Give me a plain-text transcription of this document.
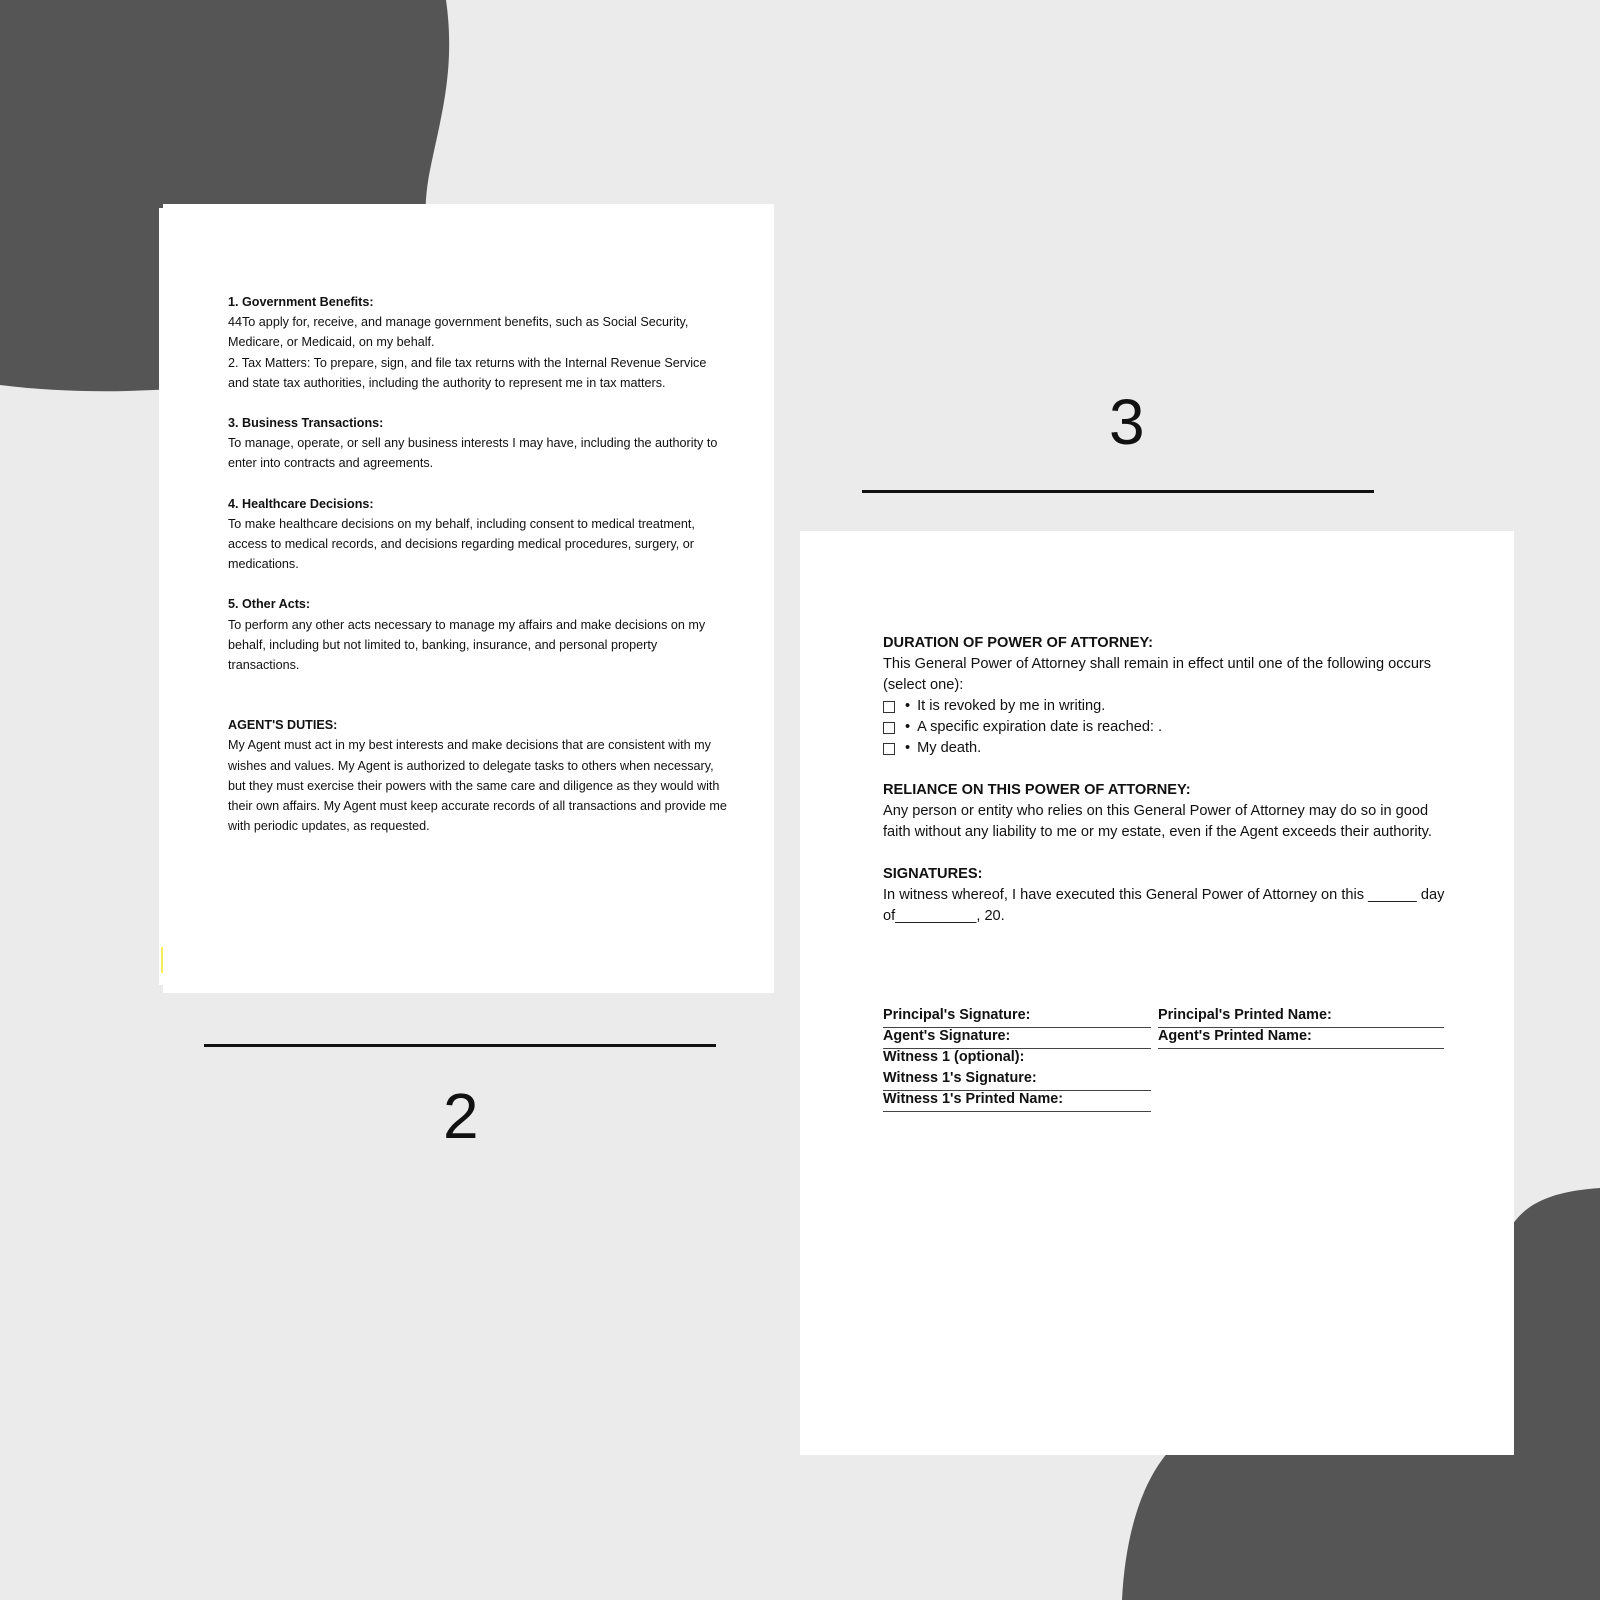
3
2

1. Government Benefits:

44To apply for, receive, and manage government benefits, such as Social Security, Medicare, or Medicaid, on my behalf.

2. Tax Matters: To prepare, sign, and file tax returns with the Internal Revenue Service and state tax authorities, including the authority to represent me in tax matters.

3. Business Transactions:

To manage, operate, or sell any business interests I may have, including the authority to enter into contracts and agreements.

4. Healthcare Decisions:

To make healthcare decisions on my behalf, including consent to medical treatment, access to medical records, and decisions regarding medical procedures, surgery, or medications.

5. Other Acts:

To perform any other acts necessary to manage my affairs and make decisions on my behalf, including but not limited to, banking, insurance, and personal property transactions.

AGENT'S DUTIES:

My Agent must act in my best interests and make decisions that are consistent with my wishes and values. My Agent is authorized to delegate tasks to others when necessary, but they must exercise their powers with the same care and diligence as they would with their own affairs. My Agent must keep accurate records of all transactions and provide me with periodic updates, as requested.

DURATION OF POWER OF ATTORNEY:

This General Power of Attorney shall remain in effect until one of the following occurs (select one):

• It is revoked by me in writing.
• A specific expiration date is reached: .
• My death.

RELIANCE ON THIS POWER OF ATTORNEY:

Any person or entity who relies on this General Power of Attorney may do so in good faith without any liability to me or my estate, even if the Agent exceeds their authority.

SIGNATURES:

In witness whereof, I have executed this General Power of Attorney on this ______ day of__________, 20.

Principal's Signature:	Principal's Printed Name:
Agent's Signature:	Agent's Printed Name:
Witness 1 (optional):
Witness 1's Signature:
Witness 1's Printed Name:
